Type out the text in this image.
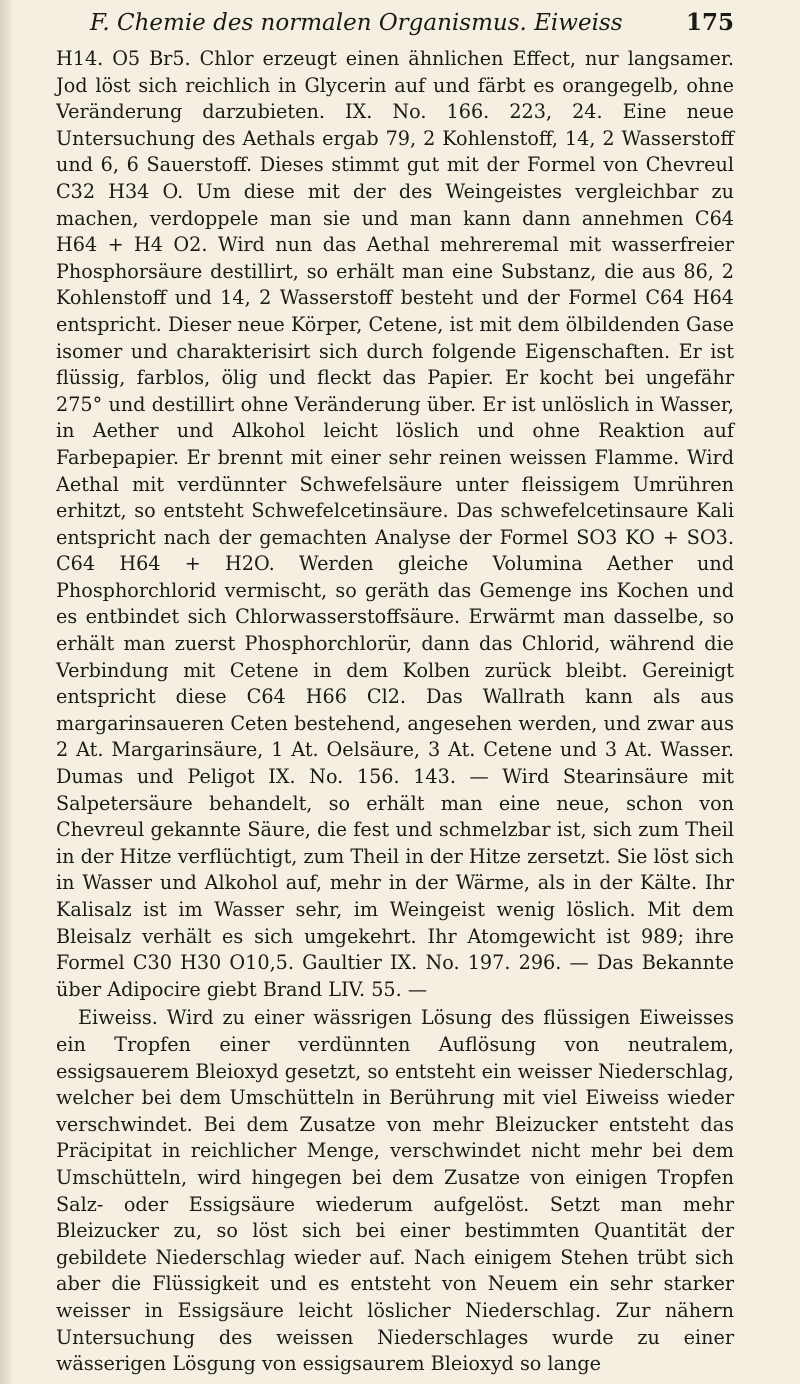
F. Chemie des normalen Organismus. Eiweiss	175

H14. O5 Br5. Chlor erzeugt einen ähnlichen Effect, nur langsamer. Jod löst sich reichlich in Glycerin auf und färbt es orangegelb, ohne Veränderung darzubieten. IX. No. 166. 223, 24. Eine neue Untersuchung des Aethals ergab 79, 2 Kohlenstoff, 14, 2 Wasserstoff und 6, 6 Sauerstoff. Dieses stimmt gut mit der Formel von Chevreul C32 H34 O. Um diese mit der des Weingeistes vergleichbar zu machen, verdoppele man sie und man kann dann annehmen C64 H64 + H4 O2. Wird nun das Aethal mehreremal mit wasserfreier Phosphorsäure destillirt, so erhält man eine Substanz, die aus 86, 2 Kohlenstoff und 14, 2 Wasserstoff besteht und der Formel C64 H64 entspricht. Dieser neue Körper, Cetene, ist mit dem ölbildenden Gase isomer und charakterisirt sich durch folgende Eigenschaften. Er ist flüssig, farblos, ölig und fleckt das Papier. Er kocht bei ungefähr 275° und destillirt ohne Veränderung über. Er ist unlöslich in Wasser, in Aether und Alkohol leicht löslich und ohne Reaktion auf Farbepapier. Er brennt mit einer sehr reinen weissen Flamme. Wird Aethal mit verdünnter Schwefelsäure unter fleissigem Umrühren erhitzt, so entsteht Schwefelcetinsäure. Das schwefelcetinsaure Kali entspricht nach der gemachten Analyse der Formel SO3 KO + SO3. C64 H64 + H2O. Werden gleiche Volumina Aether und Phosphorchlorid vermischt, so geräth das Gemenge ins Kochen und es entbindet sich Chlorwasserstoffsäure. Erwärmt man dasselbe, so erhält man zuerst Phosphorchlorür, dann das Chlorid, während die Verbindung mit Cetene in dem Kolben zurück bleibt. Gereinigt entspricht diese C64 H66 Cl2. Das Wallrath kann als aus margarinsaueren Ceten bestehend, angesehen werden, und zwar aus 2 At. Margarinsäure, 1 At. Oelsäure, 3 At. Cetene und 3 At. Wasser. Dumas und Peligot IX. No. 156. 143. — Wird Stearinsäure mit Salpetersäure behandelt, so erhält man eine neue, schon von Chevreul gekannte Säure, die fest und schmelzbar ist, sich zum Theil in der Hitze verflüchtigt, zum Theil in der Hitze zersetzt. Sie löst sich in Wasser und Alkohol auf, mehr in der Wärme, als in der Kälte. Ihr Kalisalz ist im Wasser sehr, im Weingeist wenig löslich. Mit dem Bleisalz verhält es sich umgekehrt. Ihr Atomgewicht ist 989; ihre Formel C30 H30 O10,5. Gaultier IX. No. 197. 296. — Das Bekannte über Adipocire giebt Brand LIV. 55. —

Eiweiss. Wird zu einer wässrigen Lösung des flüssigen Eiweisses ein Tropfen einer verdünnten Auflösung von neutralem, essigsauerem Bleioxyd gesetzt, so entsteht ein weisser Niederschlag, welcher bei dem Umschütteln in Berührung mit viel Eiweiss wieder verschwindet. Bei dem Zusatze von mehr Bleizucker entsteht das Präcipitat in reichlicher Menge, verschwindet nicht mehr bei dem Umschütteln, wird hingegen bei dem Zusatze von einigen Tropfen Salz- oder Essigsäure wiederum aufgelöst. Setzt man mehr Bleizucker zu, so löst sich bei einer bestimmten Quantität der gebildete Niederschlag wieder auf. Nach einigem Stehen trübt sich aber die Flüssigkeit und es entsteht von Neuem ein sehr starker weisser in Essigsäure leicht löslicher Niederschlag. Zur nähern Untersuchung des weissen Niederschlages wurde zu einer wässerigen Lösgung von essigsaurem Bleioxyd so lange
